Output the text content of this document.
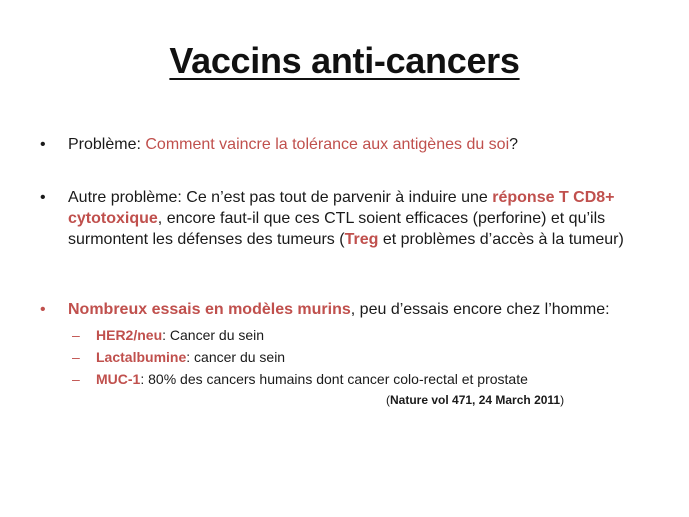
Vaccins anti-cancers
• Problème: Comment vaincre la tolérance aux antigènes du soi?
• Autre problème: Ce n’est pas tout de parvenir à induire une réponse T CD8+ cytotoxique, encore faut-il que ces CTL soient efficaces (perforine) et qu’ils surmontent les défenses des tumeurs (Treg et problèmes d’accès à la tumeur)
• Nombreux essais en modèles murins, peu d’essais encore chez l’homme:
– HER2/neu: Cancer du sein
– Lactalbumine: cancer du sein
– MUC-1: 80% des cancers humains dont cancer colo-rectal et prostate
(Nature vol 471, 24 March 2011)
